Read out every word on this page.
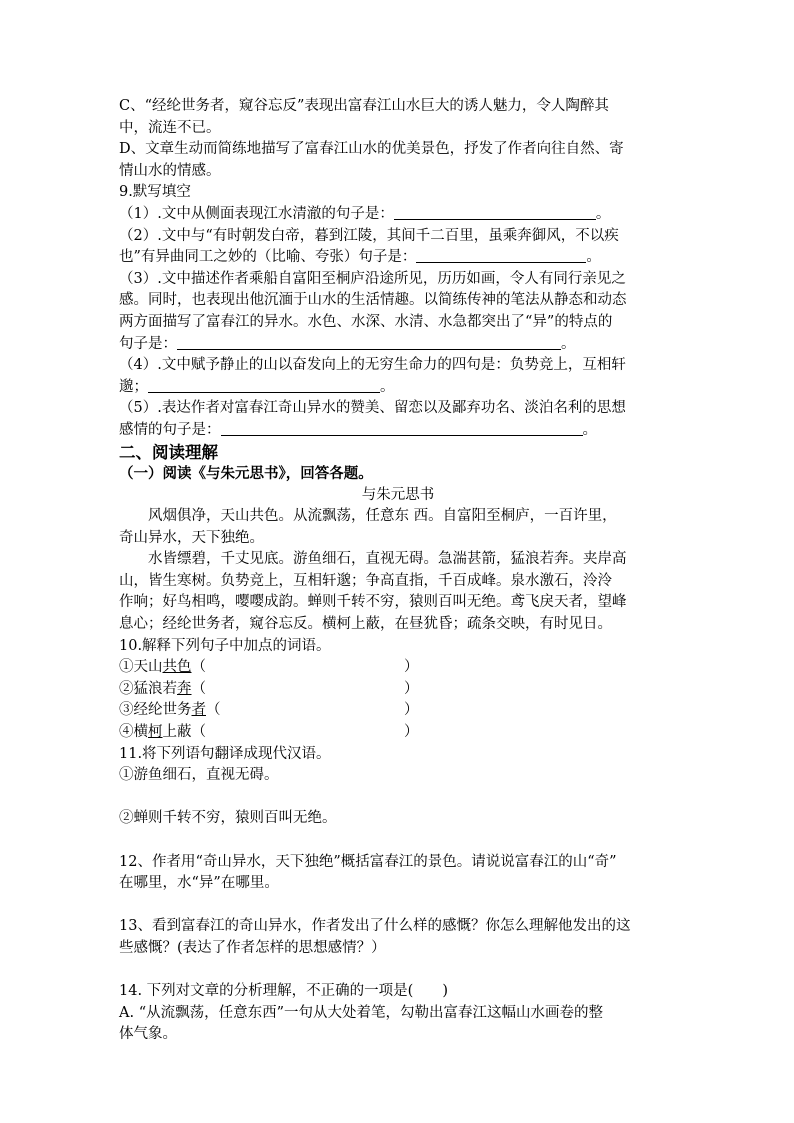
C、“经纶世务者，窥谷忘反”表现出富春江山水巨大的诱人魅力，令人陶醉其

中，流连不已。

D、文章生动而简练地描写了富春江山水的优美景色，抒发了作者向往自然、寄

情山水的情感。

9.默写填空

（1）.文中从侧面表现江水清澈的句子是：	。

（2）.文中与“有时朝发白帝，暮到江陵，其间千二百里，虽乘奔御风，不以疾

也”有异曲同工之妙的（比喻、夸张）句子是：	。

（3）.文中描述作者乘船自富阳至桐庐沿途所见，历历如画，令人有同行亲见之

感。同时，也表现出他沉湎于山水的生活情趣。以简练传神的笔法从静态和动态

两方面描写了富春江的异水。水色、水深、水清、水急都突出了“异”的特点的

句子是：	。

（4）.文中赋予静止的山以奋发向上的无穷生命力的四句是：负势竞上，互相轩

邈；	。

（5）.表达作者对富春江奇山异水的赞美、留恋以及鄙弃功名、淡泊名利的思想

感情的句子是：	。

二、阅读理解

（一）阅读《与朱元思书》，回答各题。

与朱元思书

风烟俱净，天山共色。从流飘荡，任意东 西。自富阳至桐庐，一百许里，

奇山异水，天下独绝。

水皆缥碧，千丈见底。游鱼细石，直视无碍。急湍甚箭，猛浪若奔。夹岸高

山，皆生寒树。负势竞上，互相轩邈；争高直指，千百成峰。泉水激石，泠泠

作响；好鸟相鸣，嘤嘤成韵。蝉则千转不穷，猿则百叫无绝。鸢飞戾天者，望峰

息心；经纶世务者，窥谷忘反。横柯上蔽，在昼犹昏；疏条交映，有时见日。

10.解释下列句子中加点的词语。

①天山共色（	）
②猛浪若奔（	）
③经纶世务者（	）
④横柯上蔽（	）

11.将下列语句翻译成现代汉语。

①游鱼细石，直视无碍。

②蝉则千转不穷，猿则百叫无绝。

12、作者用“奇山异水，天下独绝”概括富春江的景色。请说说富春江的山“奇”

在哪里，水“异”在哪里。

13、看到富春江的奇山异水，作者发出了什么样的感慨？你怎么理解他发出的这

些感慨？(表达了作者怎样的思想感情？）

14. 下列对文章的分析理解，不正确的一项是(　　)

A. “从流飘荡，任意东西”一句从大处着笔，勾勒出富春江这幅山水画卷的整

体气象。
